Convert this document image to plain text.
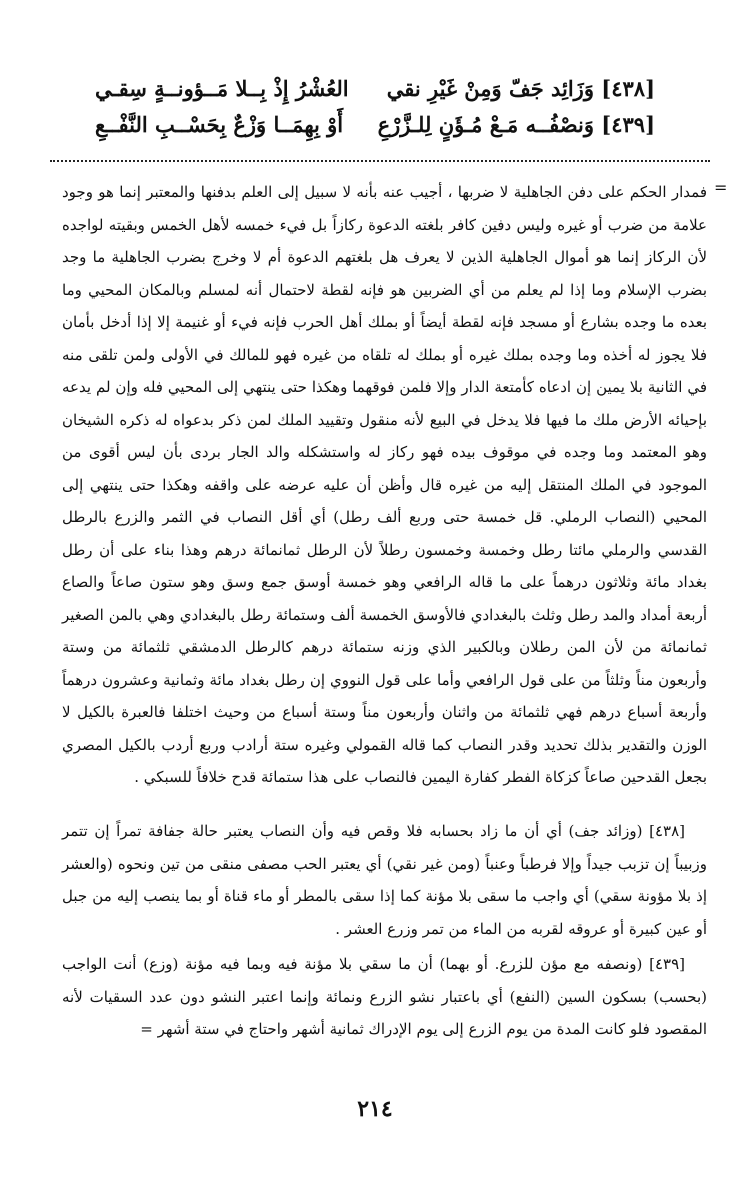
[٤٣٨] وَزَائِد جَفّ وَمِنْ غَيْرِ نقي
العُشْرُ إِذْ بِــلا مَــؤونــةٍ سِقـي
[٤٣٩] وَنصْفُــه مَـعْ مُـؤَنٍ لِلـزَّرْعِ
أَوْ بِهِمَــا وَزْعٌ بِحَسْــبِ النَّفْــعِ
=
فمدار الحكم على دفن الجاهلية لا ضربها ، أجيب عنه بأنه لا سبيل إلى العلم بدفنها والمعتبر إنما هو وجود علامة من ضرب أو غيره وليس دفين كافر بلغته الدعوة ركازاً بل فيء خمسه لأهل الخمس وبقيته لواجده لأن الركاز إنما هو أموال الجاهلية الذين لا يعرف هل بلغتهم الدعوة أم لا وخرج بضرب الجاهلية ما وجد بضرب الإسلام وما إذا لم يعلم من أي الضربين هو فإنه لقطة لاحتمال أنه لمسلم وبالمكان المحيي وما بعده ما وجده بشارع أو مسجد فإنه لقطة أيضاً أو بملك أهل الحرب فإنه فيء أو غنيمة إلا إذا أدخل بأمان فلا يجوز له أخذه وما وجده بملك غيره أو بملك له تلقاه من غيره فهو للمالك في الأولى ولمن تلقى منه في الثانية بلا يمين إن ادعاه كأمتعة الدار وإلا فلمن فوقهما وهكذا حتى ينتهي إلى المحيي فله وإن لم يدعه بإحيائه الأرض ملك ما فيها فلا يدخل في البيع لأنه منقول وتقييد الملك لمن ذكر بدعواه له ذكره الشيخان وهو المعتمد وما وجده في موقوف بيده فهو ركاز له واستشكله والد الجار بردى بأن ليس أقوى من الموجود في الملك المنتقل إليه من غيره قال وأظن أن عليه عرضه على واقفه وهكذا حتى ينتهي إلى المحيي (النصاب الرملي. قل خمسة حتى وربع ألف رطل) أي أقل النصاب في الثمر والزرع بالرطل القدسي والرملي مائتا رطل وخمسة وخمسون رطلاً لأن الرطل ثمانمائة درهم وهذا بناء على أن رطل بغداد مائة وثلاثون درهماً على ما قاله الرافعي وهو خمسة أوسق جمع وسق وهو ستون صاعاً والصاع أربعة أمداد والمد رطل وثلث بالبغدادي فالأوسق الخمسة ألف وستمائة رطل بالبغدادي وهي بالمن الصغير ثمانمائة من لأن المن رطلان وبالكبير الذي وزنه ستمائة درهم كالرطل الدمشقي ثلثمائة من وستة وأربعون مناً وثلثاً من على قول الرافعي وأما على قول النووي إن رطل بغداد مائة وثمانية وعشرون درهماً وأربعة أسباع درهم فهي ثلثمائة من واثنان وأربعون مناً وستة أسباع من وحيث اختلفا فالعبرة بالكيل لا الوزن والتقدير بذلك تحديد وقدر النصاب كما قاله القمولي وغيره ستة أرادب وربع أردب بالكيل المصري بجعل القدحين صاعاً كزكاة الفطر كفارة اليمين فالنصاب على هذا ستمائة قدح خلافاً للسبكي .
[٤٣٨] (وزائد جف) أي أن ما زاد بحسابه فلا وقص فيه وأن النصاب يعتبر حالة جفافة تمراً إن تتمر وزبيباً إن تزبب جيداً وإلا فرطباً وعنباً (ومن غير نقي) أي يعتبر الحب مصفى منقى من تين ونحوه (والعشر إذ بلا مؤونة سقي) أي واجب ما سقى بلا مؤنة كما إذا سقى بالمطر أو ماء قناة أو بما ينصب إليه من جبل أو عين كبيرة أو عروقه لقربه من الماء من تمر وزرع العشر .
[٤٣٩] (ونصفه مع مؤن للزرع. أو بهما) أن ما سقي بلا مؤنة فيه وبما فيه مؤنة (وزع) أنت الواجب (بحسب) بسكون السين (النفع) أي باعتبار نشو الزرع ونمائة وإنما اعتبر النشو دون عدد السقيات لأنه المقصود فلو كانت المدة من يوم الزرع إلى يوم الإدراك ثمانية أشهر واحتاج في ستة أشهر =
٢١٤
